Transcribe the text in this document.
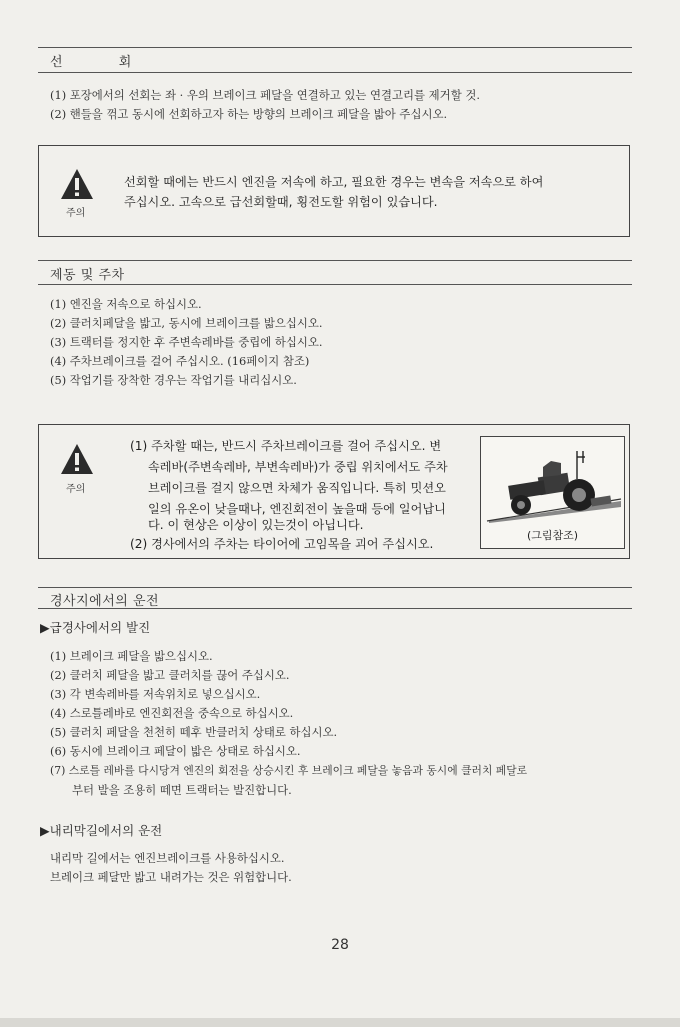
선 회
(1) 포장에서의 선회는 좌 · 우의 브레이크 페달을 연결하고 있는 연결고리를 제거할 것.
(2) 핸들을 꺾고 동시에 선회하고자 하는 방향의 브레이크 페달을 밟아 주십시오.
주의
선회할 때에는 반드시 엔진을 저속에 하고, 필요한 경우는 변속을 저속으로 하여
주십시오. 고속으로 급선회할때, 횡전도할 위험이 있습니다.
제동 및 주차
(1) 엔진을 저속으로 하십시오.
(2) 클러치페달을 밟고, 동시에 브레이크를 밟으십시오.
(3) 트랙터를 정지한 후 주변속레바를 중립에 하십시오.
(4) 주차브레이크를 걸어 주십시오. (16페이지 참조)
(5) 작업기를 장착한 경우는 작업기를 내리십시오.
주의
(1) 주차할 때는, 반드시 주차브레이크를 걸어 주십시오. 변
속레바(주변속레바, 부변속레바)가 중립 위치에서도 주차
브레이크를 걸지 않으면 차체가 움직입니다. 특히 밋션오
일의 유온이 낮을때나, 엔진회전이 높을때 등에 일어납니
다. 이 현상은 이상이 있는것이 아닙니다.
(2) 경사에서의 주차는 타이어에 고임목을 괴어 주십시오.
(그림참조)
경사지에서의 운전
▶급경사에서의 발진
(1) 브레이크 페달을 밟으십시오.
(2) 클러치 페달을 밟고 클러치를 끊어 주십시오.
(3) 각 변속레바를 저속위치로 넣으십시오.
(4) 스로틀레바로 엔진회전을 중속으로 하십시오.
(5) 클러치 페달을 천천히 떼후 반클러치 상태로 하십시오.
(6) 동시에 브레이크 페달이 밟은 상태로 하십시오.
(7) 스로틀 레바를 다시당겨 엔진의 회전을 상승시킨 후 브레이크 페달을 놓음과 동시에 클러치 페달로
부터 발을 조용히 떼면 트랙터는 발진합니다.
▶내리막길에서의 운전
내리막 길에서는 엔진브레이크를 사용하십시오.
브레이크 페달만 밟고 내려가는 것은 위험합니다.
28
